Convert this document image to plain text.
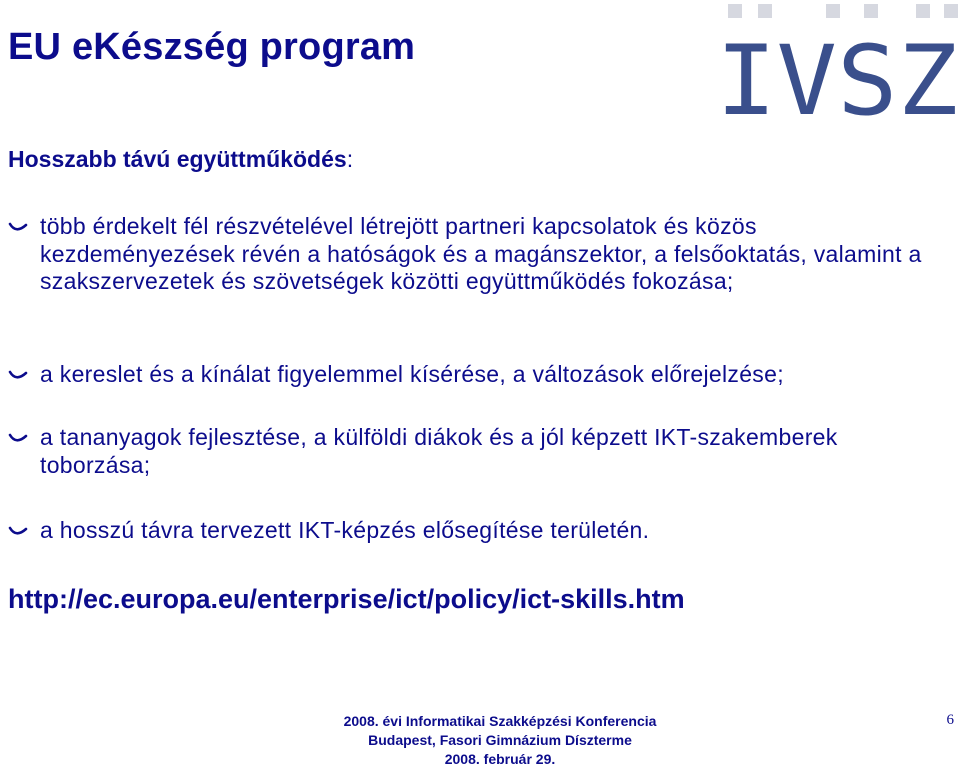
EU eKészség program	IVSZ
Hosszabb távú együttműködés:
több érdekelt fél részvételével létrejött partneri kapcsolatok és közös kezdeményezések révén a hatóságok és a magánszektor, a felsőoktatás, valamint a szakszervezetek és szövetségek közötti együttműködés fokozása;
a kereslet és a kínálat figyelemmel kísérése, a változások előrejelzése;
a tananyagok fejlesztése, a külföldi diákok és a jól képzett IKT-szakemberek toborzása;
a hosszú távra tervezett IKT-képzés elősegítése területén.
http://ec.europa.eu/enterprise/ict/policy/ict-skills.htm
2008. évi Informatikai Szakképzési Konferencia
Budapest, Fasori Gimnázium Díszterme
2008. február 29.
6
